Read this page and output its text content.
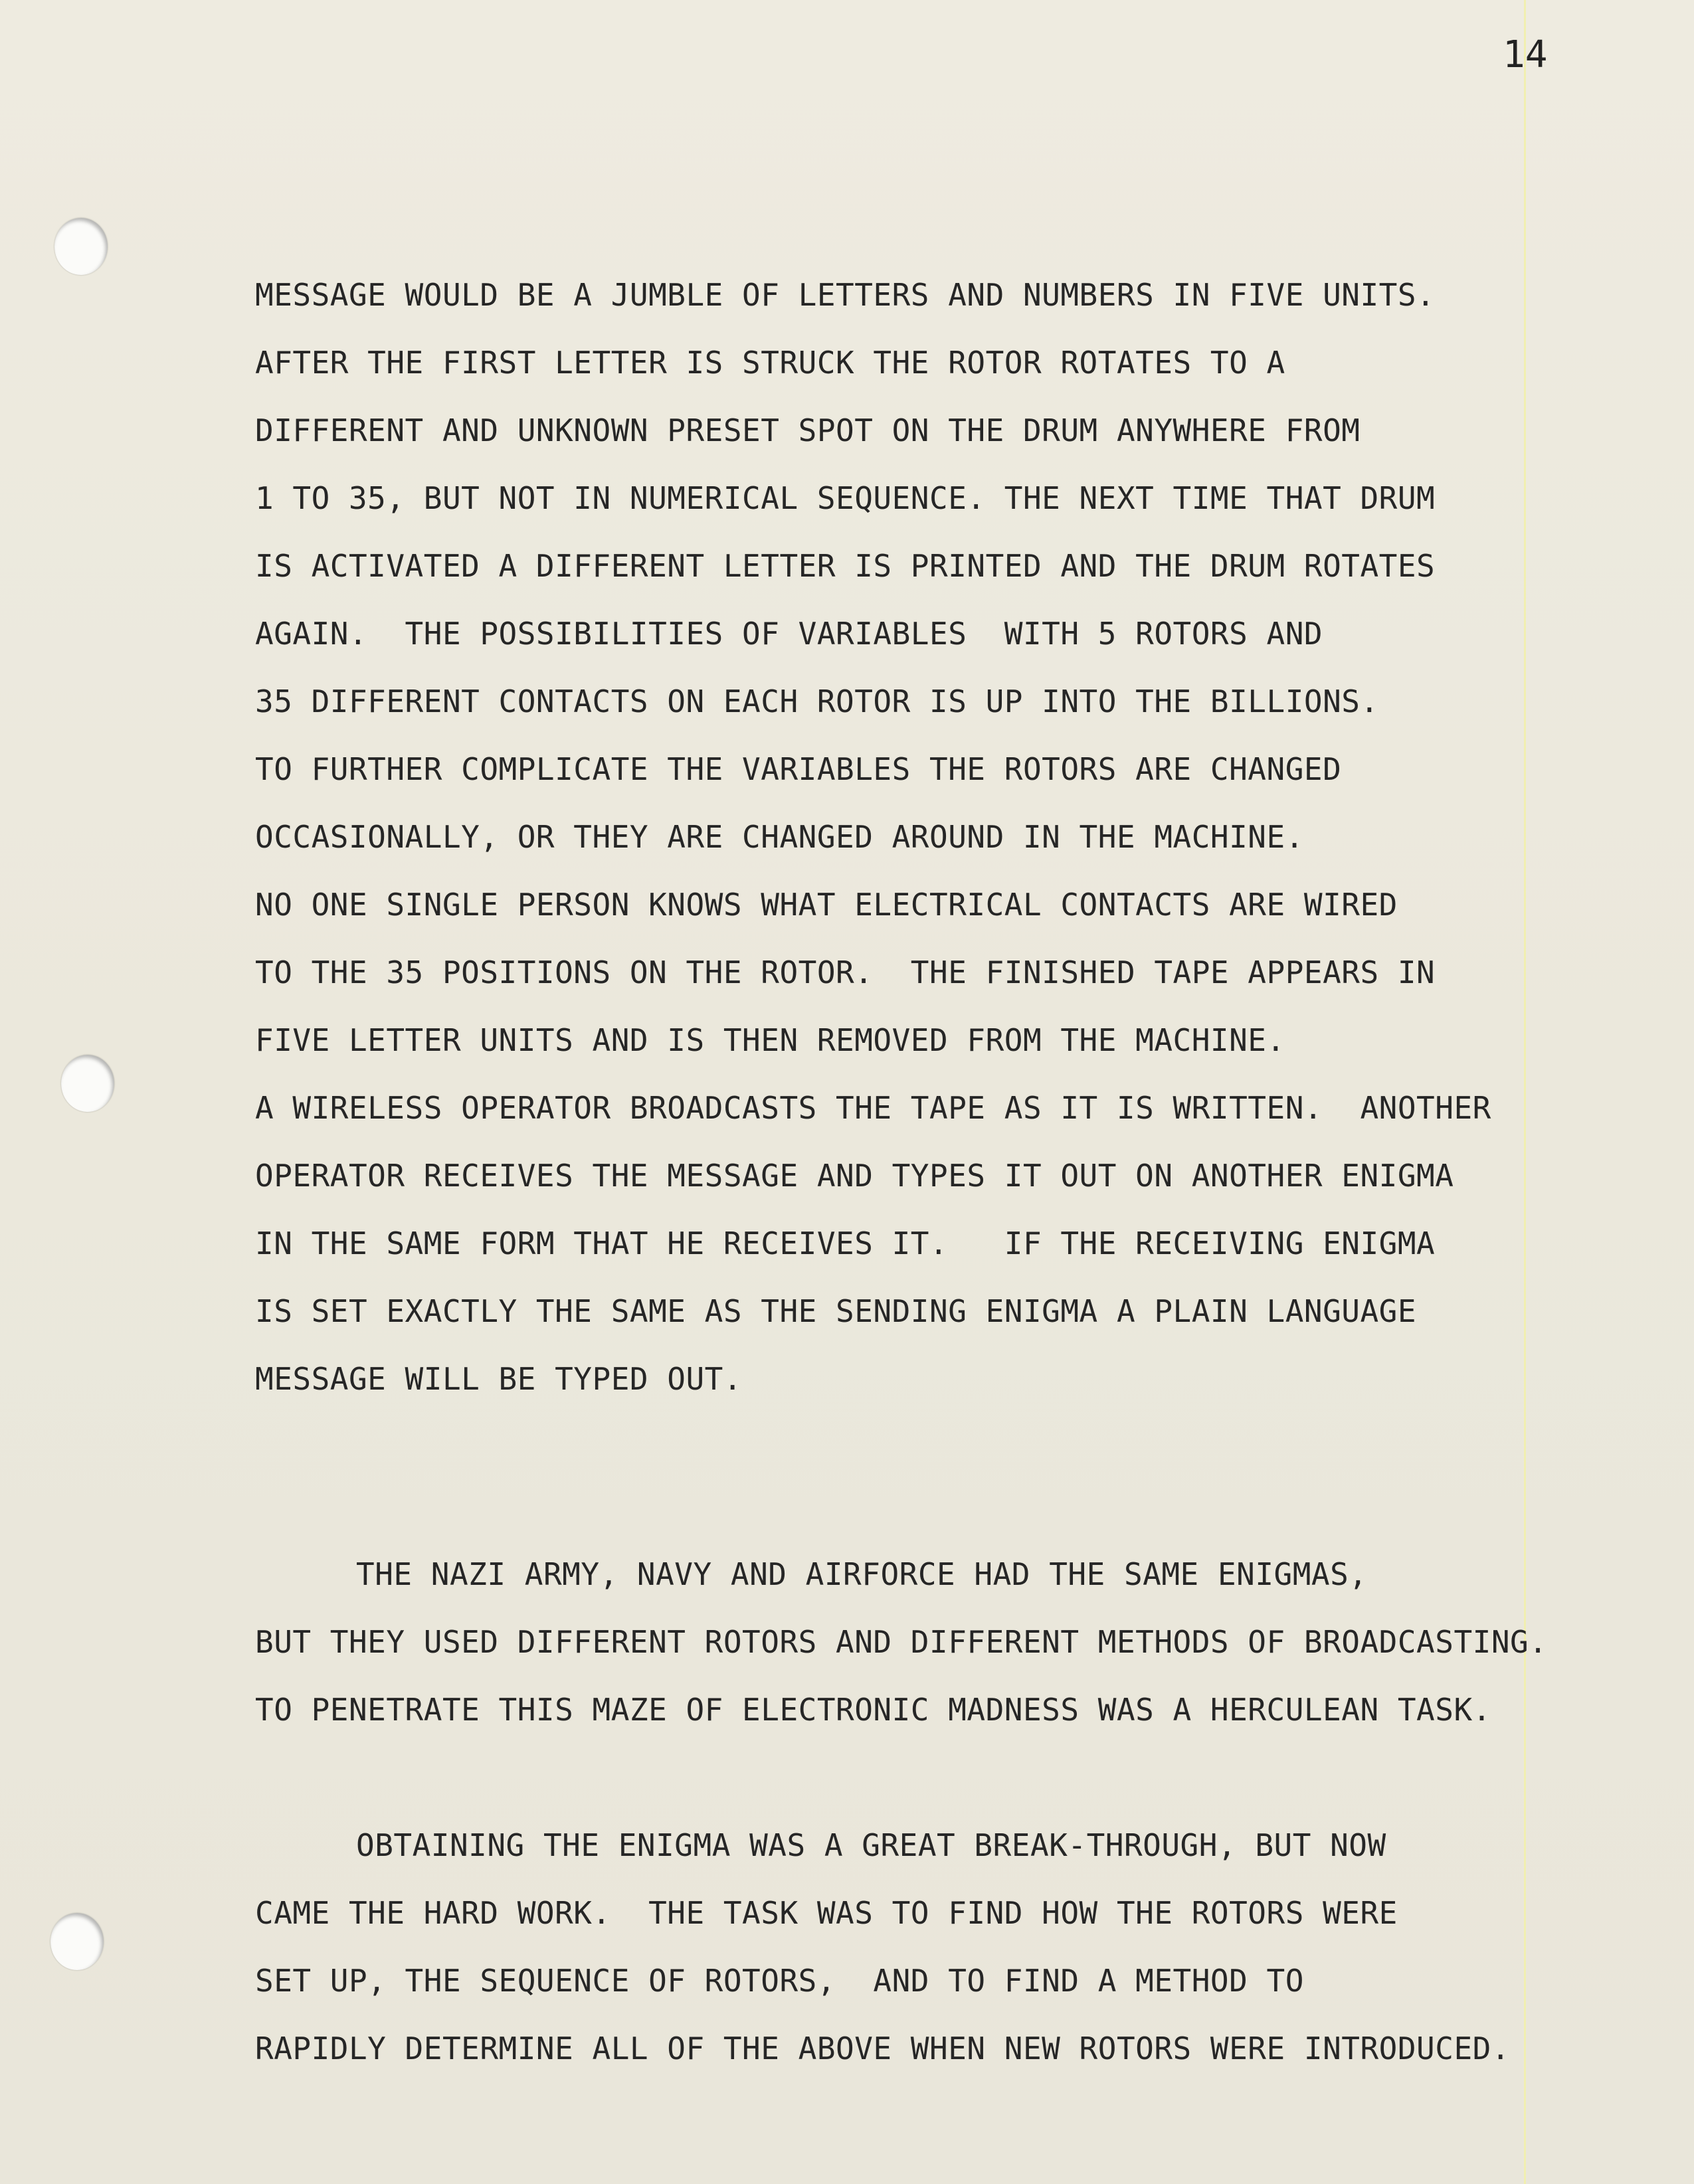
14
MESSAGE WOULD BE A JUMBLE OF LETTERS AND NUMBERS IN FIVE UNITS.
AFTER THE FIRST LETTER IS STRUCK THE ROTOR ROTATES TO A
DIFFERENT AND UNKNOWN PRESET SPOT ON THE DRUM ANYWHERE FROM
1 TO 35, BUT NOT IN NUMERICAL SEQUENCE. THE NEXT TIME THAT DRUM
IS ACTIVATED A DIFFERENT LETTER IS PRINTED AND THE DRUM ROTATES
AGAIN.  THE POSSIBILITIES OF VARIABLES  WITH 5 ROTORS AND
35 DIFFERENT CONTACTS ON EACH ROTOR IS UP INTO THE BILLIONS.
TO FURTHER COMPLICATE THE VARIABLES THE ROTORS ARE CHANGED
OCCASIONALLY, OR THEY ARE CHANGED AROUND IN THE MACHINE.
NO ONE SINGLE PERSON KNOWS WHAT ELECTRICAL CONTACTS ARE WIRED
TO THE 35 POSITIONS ON THE ROTOR.  THE FINISHED TAPE APPEARS IN
FIVE LETTER UNITS AND IS THEN REMOVED FROM THE MACHINE.
A WIRELESS OPERATOR BROADCASTS THE TAPE AS IT IS WRITTEN.  ANOTHER
OPERATOR RECEIVES THE MESSAGE AND TYPES IT OUT ON ANOTHER ENIGMA
IN THE SAME FORM THAT HE RECEIVES IT.   IF THE RECEIVING ENIGMA
IS SET EXACTLY THE SAME AS THE SENDING ENIGMA A PLAIN LANGUAGE
MESSAGE WILL BE TYPED OUT.
THE NAZI ARMY, NAVY AND AIRFORCE HAD THE SAME ENIGMAS,
BUT THEY USED DIFFERENT ROTORS AND DIFFERENT METHODS OF BROADCASTING.
TO PENETRATE THIS MAZE OF ELECTRONIC MADNESS WAS A HERCULEAN TASK.
OBTAINING THE ENIGMA WAS A GREAT BREAK-THROUGH, BUT NOW
CAME THE HARD WORK.  THE TASK WAS TO FIND HOW THE ROTORS WERE
SET UP, THE SEQUENCE OF ROTORS,  AND TO FIND A METHOD TO
RAPIDLY DETERMINE ALL OF THE ABOVE WHEN NEW ROTORS WERE INTRODUCED.
